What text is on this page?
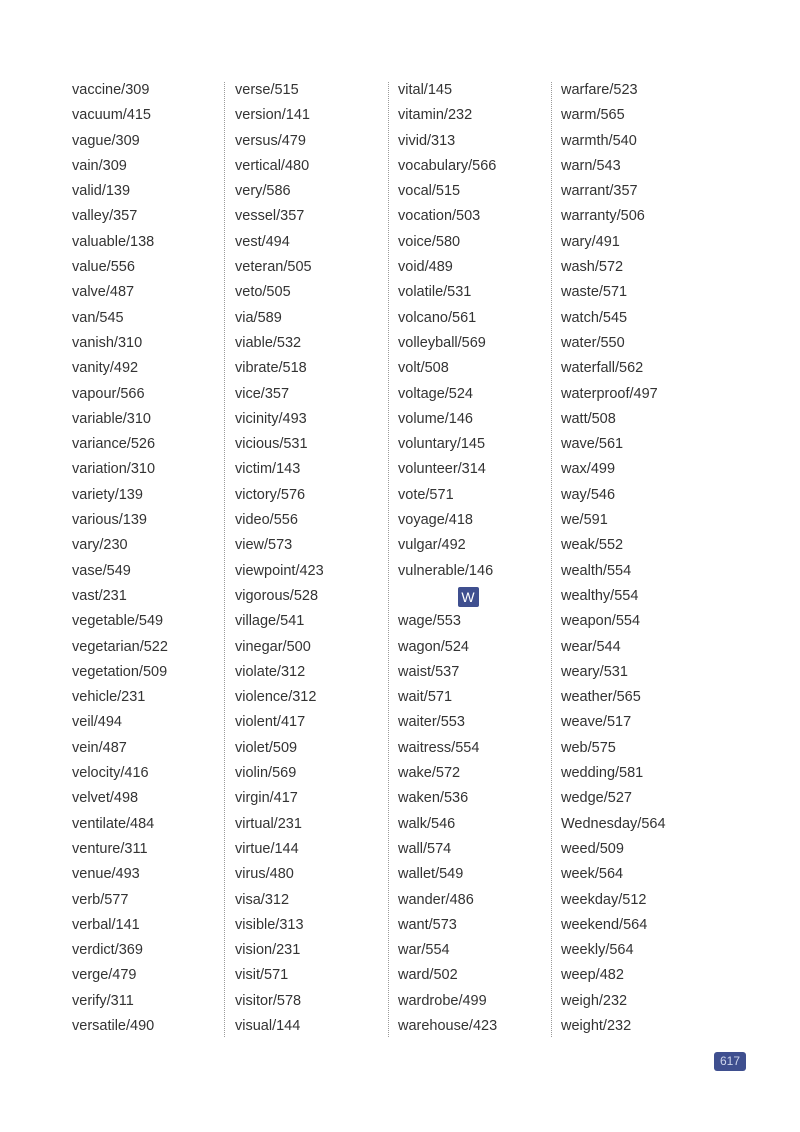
vaccine/309
vacuum/415
vague/309
vain/309
valid/139
valley/357
valuable/138
value/556
valve/487
van/545
vanish/310
vanity/492
vapour/566
variable/310
variance/526
variation/310
variety/139
various/139
vary/230
vase/549
vast/231
vegetable/549
vegetarian/522
vegetation/509
vehicle/231
veil/494
vein/487
velocity/416
velvet/498
ventilate/484
venture/311
venue/493
verb/577
verbal/141
verdict/369
verge/479
verify/311
versatile/490
verse/515
version/141
versus/479
vertical/480
very/586
vessel/357
vest/494
veteran/505
veto/505
via/589
viable/532
vibrate/518
vice/357
vicinity/493
vicious/531
victim/143
victory/576
video/556
view/573
viewpoint/423
vigorous/528
village/541
vinegar/500
violate/312
violence/312
violent/417
violet/509
violin/569
virgin/417
virtual/231
virtue/144
virus/480
visa/312
visible/313
vision/231
visit/571
visitor/578
visual/144
vital/145
vitamin/232
vivid/313
vocabulary/566
vocal/515
vocation/503
voice/580
void/489
volatile/531
volcano/561
volleyball/569
volt/508
voltage/524
volume/146
voluntary/145
volunteer/314
vote/571
voyage/418
vulgar/492
vulnerable/146
W
wage/553
wagon/524
waist/537
wait/571
waiter/553
waitress/554
wake/572
waken/536
walk/546
wall/574
wallet/549
wander/486
want/573
war/554
ward/502
wardrobe/499
warehouse/423
warfare/523
warm/565
warmth/540
warn/543
warrant/357
warranty/506
wary/491
wash/572
waste/571
watch/545
water/550
waterfall/562
waterproof/497
watt/508
wave/561
wax/499
way/546
we/591
weak/552
wealth/554
wealthy/554
weapon/554
wear/544
weary/531
weather/565
weave/517
web/575
wedding/581
wedge/527
Wednesday/564
weed/509
week/564
weekday/512
weekend/564
weekly/564
weep/482
weigh/232
weight/232
617
